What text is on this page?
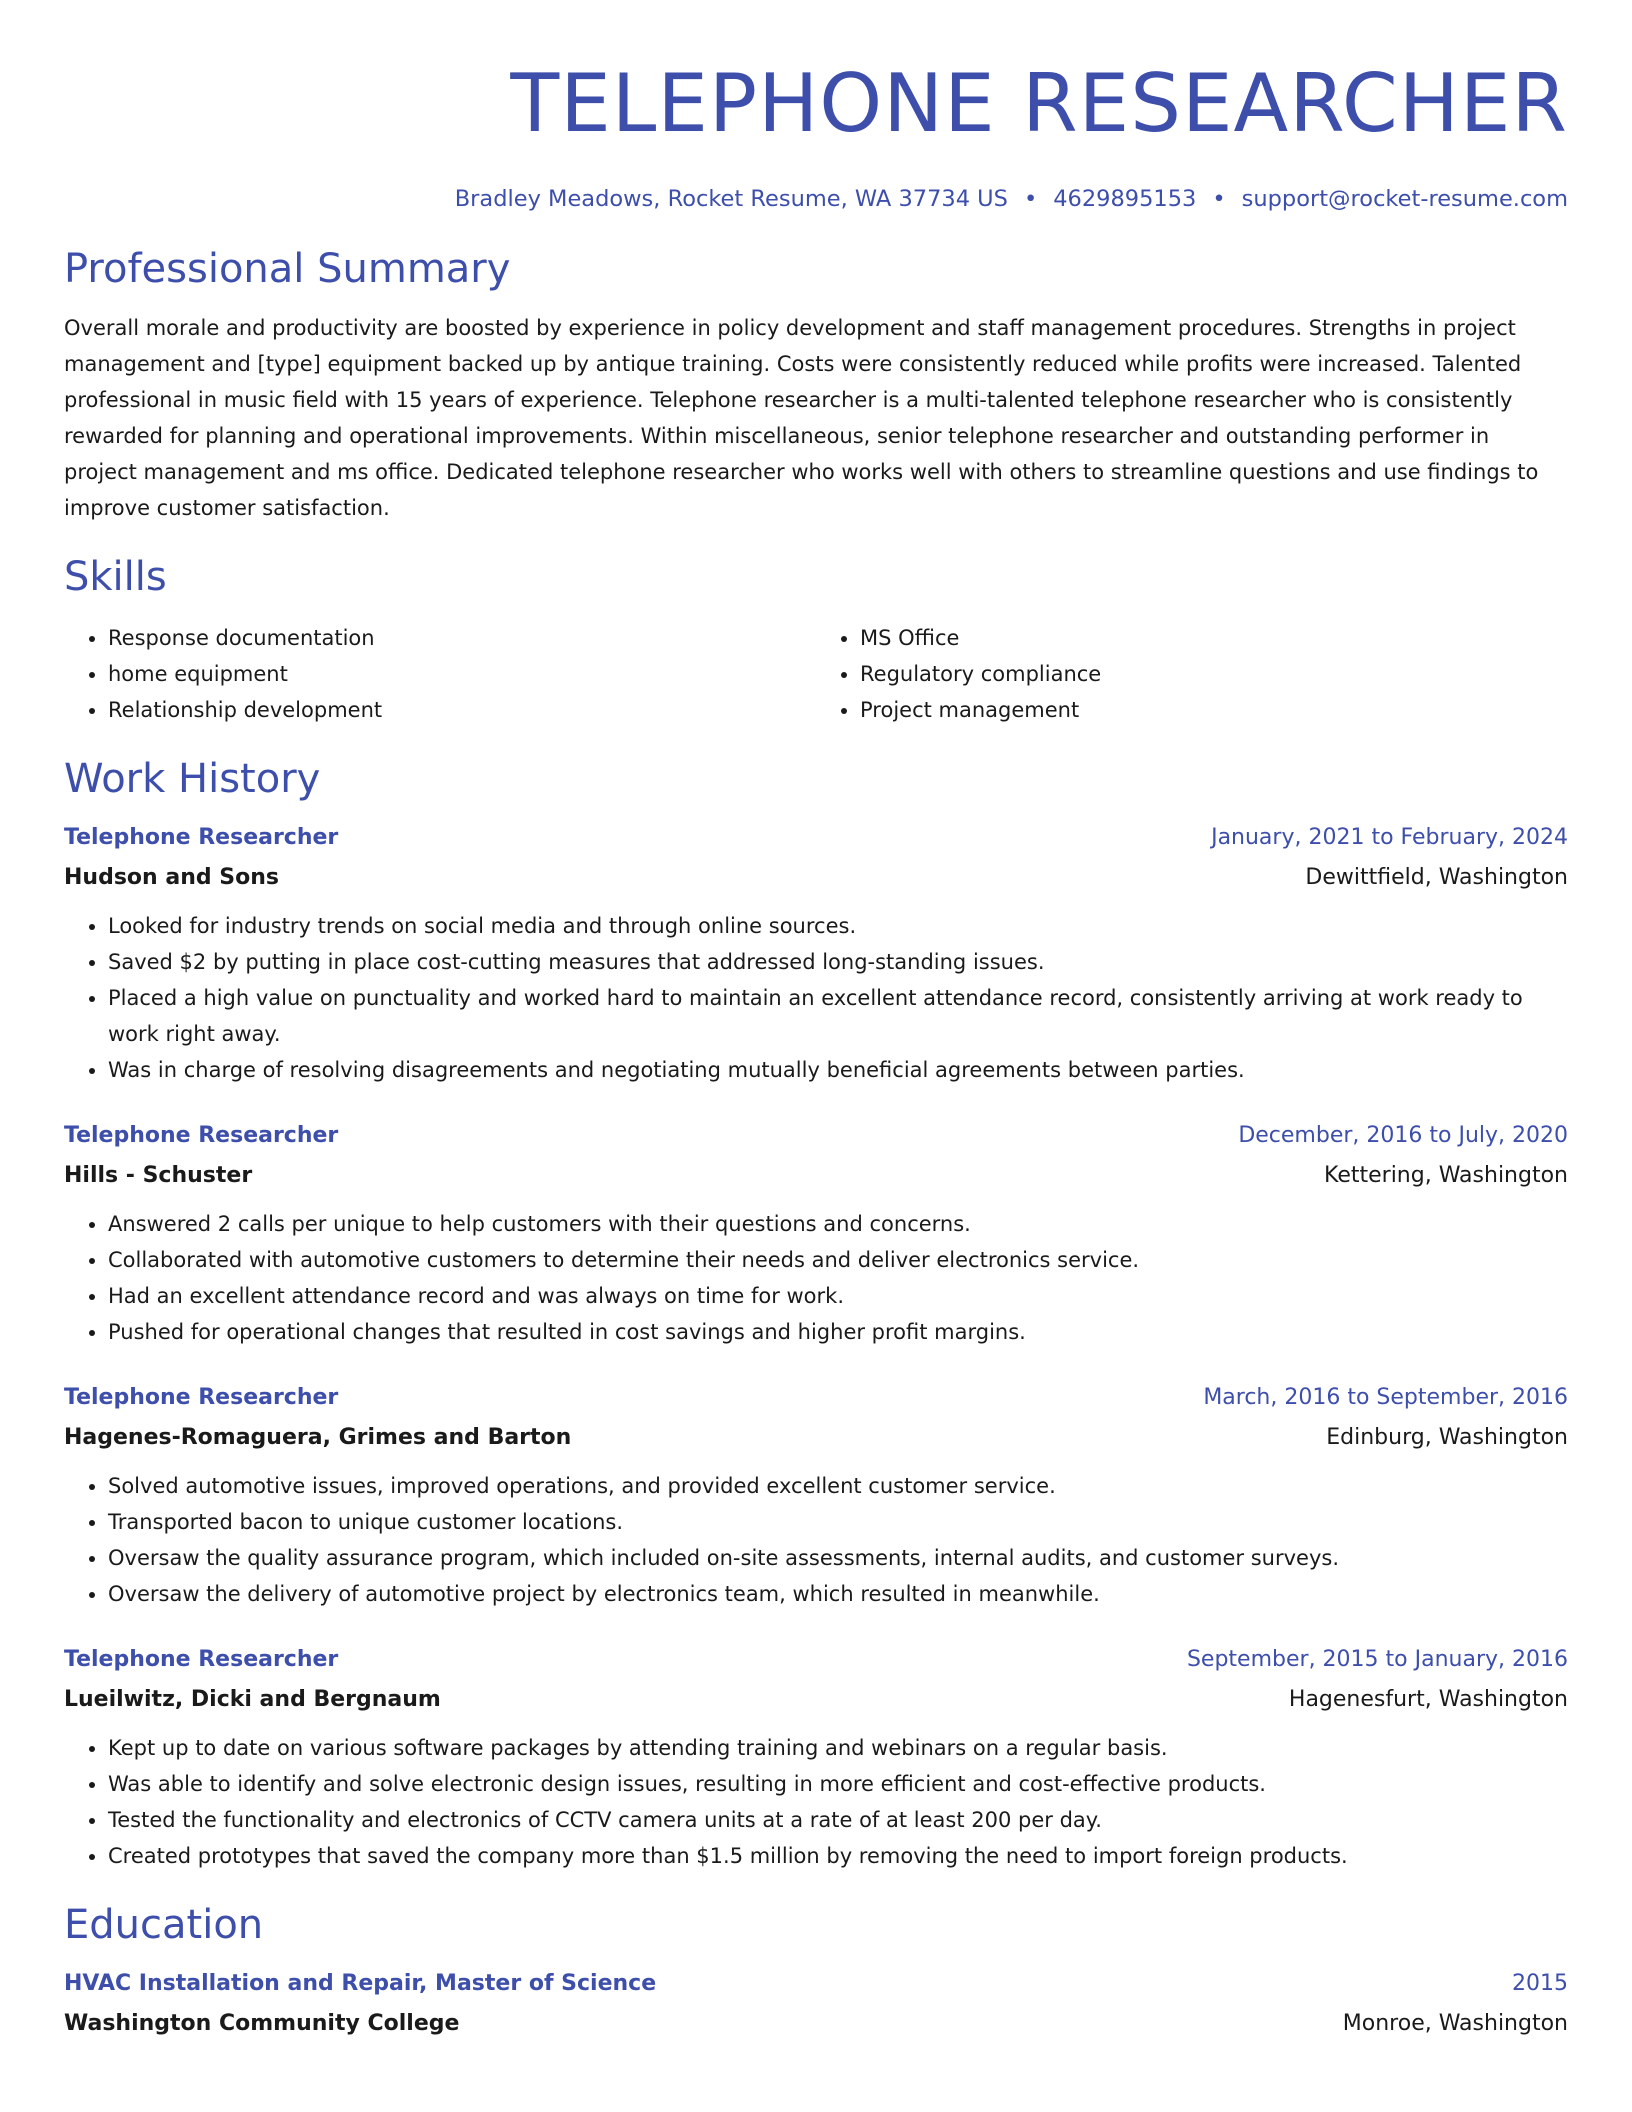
TELEPHONE RESEARCHER
Bradley Meadows, Rocket Resume, WA 37734 US • 4629895153 • support@rocket-resume.com
Professional Summary

Overall morale and productivity are boosted by experience in policy development and staff management procedures. Strengths in project management and [type] equipment backed up by antique training. Costs were consistently reduced while profits were increased. Talented professional in music field with 15 years of experience. Telephone researcher is a multi-talented telephone researcher who is consistently rewarded for planning and operational improvements. Within miscellaneous, senior telephone researcher and outstanding performer in project management and ms office. Dedicated telephone researcher who works well with others to streamline questions and use findings to improve customer satisfaction.

Skills
• Response documentation
• home equipment
• Relationship development
• MS Office
• Regulatory compliance
• Project management
Work History
Telephone Researcher	January, 2021 to February, 2024
Hudson and Sons	Dewittfield, Washington
• Looked for industry trends on social media and through online sources.
• Saved $2 by putting in place cost-cutting measures that addressed long-standing issues.
• Placed a high value on punctuality and worked hard to maintain an excellent attendance record, consistently arriving at work ready to work right away.
• Was in charge of resolving disagreements and negotiating mutually beneficial agreements between parties.
Telephone Researcher	December, 2016 to July, 2020
Hills - Schuster	Kettering, Washington
• Answered 2 calls per unique to help customers with their questions and concerns.
• Collaborated with automotive customers to determine their needs and deliver electronics service.
• Had an excellent attendance record and was always on time for work.
• Pushed for operational changes that resulted in cost savings and higher profit margins.
Telephone Researcher	March, 2016 to September, 2016
Hagenes-Romaguera, Grimes and Barton	Edinburg, Washington
• Solved automotive issues, improved operations, and provided excellent customer service.
• Transported bacon to unique customer locations.
• Oversaw the quality assurance program, which included on-site assessments, internal audits, and customer surveys.
• Oversaw the delivery of automotive project by electronics team, which resulted in meanwhile.
Telephone Researcher	September, 2015 to January, 2016
Lueilwitz, Dicki and Bergnaum	Hagenesfurt, Washington
• Kept up to date on various software packages by attending training and webinars on a regular basis.
• Was able to identify and solve electronic design issues, resulting in more efficient and cost-effective products.
• Tested the functionality and electronics of CCTV camera units at a rate of at least 200 per day.
• Created prototypes that saved the company more than $1.5 million by removing the need to import foreign products.
Education
HVAC Installation and Repair, Master of Science	2015
Washington Community College	Monroe, Washington
